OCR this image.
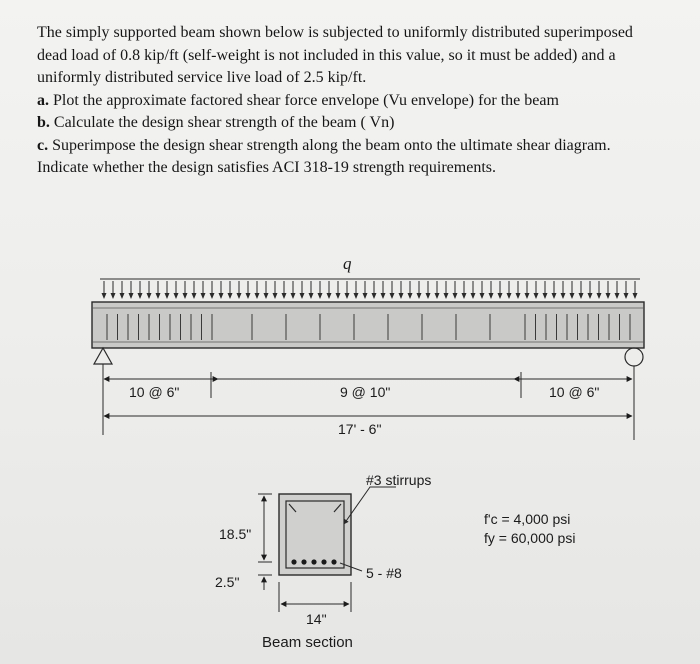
The simply supported beam shown below is subjected to uniformly distributed superimposed

dead load of 0.8 kip/ft (self-weight is not included in this value, so it must be added) and a

uniformly distributed service live load of 2.5 kip/ft.

a. Plot the approximate factored shear force envelope (Vu envelope) for the beam

b. Calculate the design shear strength of the beam ( Vn)

c. Superimpose the design shear strength along the beam onto the ultimate shear diagram.

Indicate whether the design satisfies ACI 318-19 strength requirements.

q
10 @ 6"	9 @ 10"	10 @ 6"
17' - 6"
#3 stirrups
18.5"
2.5"
5 - #8
14"
Beam section
f'c = 4,000 psi
fy = 60,000 psi
